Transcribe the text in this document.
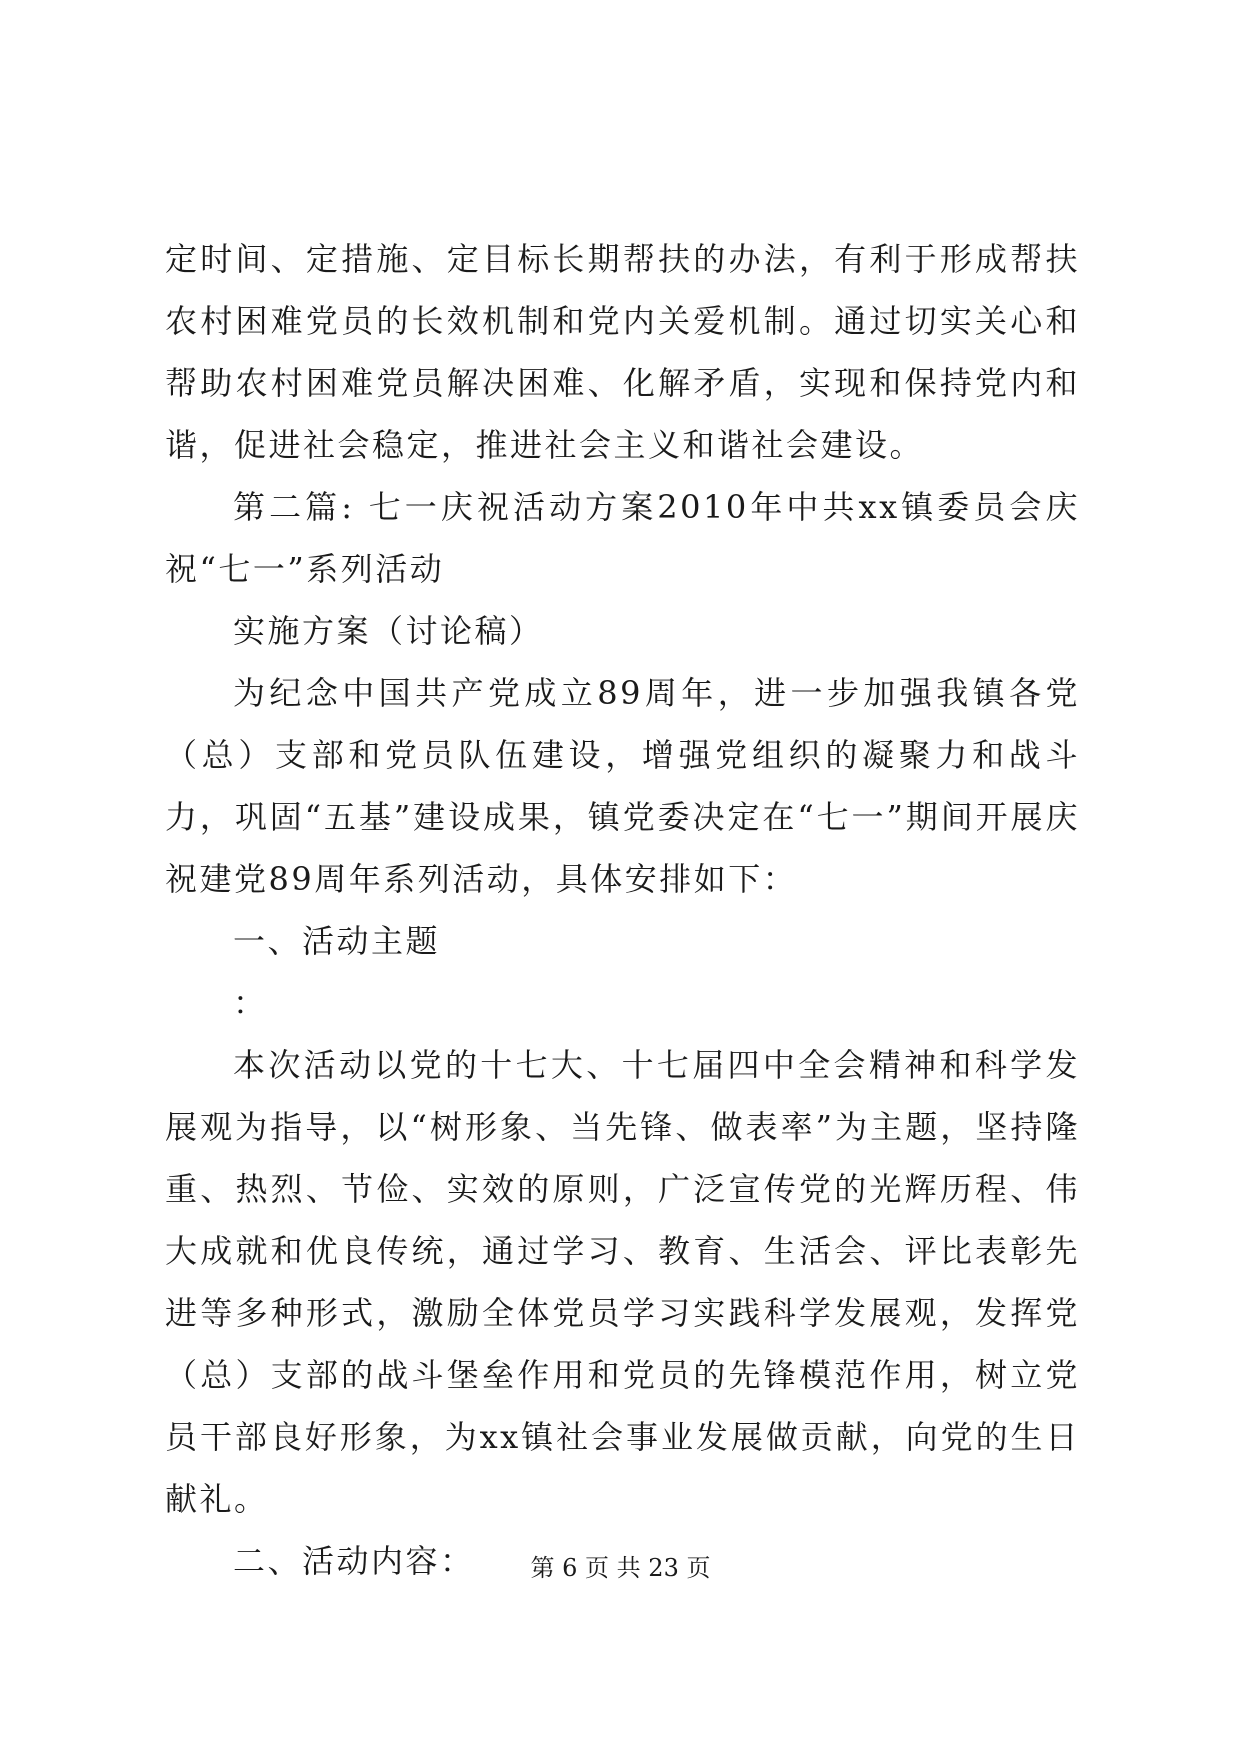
定时间、定措施、定目标长期帮扶的办法，有利于形成帮扶农村困难党员的长效机制和党内关爱机制。通过切实关心和帮助农村困难党员解决困难、化解矛盾，实现和保持党内和谐，促进社会稳定，推进社会主义和谐社会建设。

第二篇: 七一庆祝活动方案2010年中共xx镇委员会庆祝“七一”系列活动

实施方案（讨论稿）

为纪念中国共产党成立89周年，进一步加强我镇各党（总）支部和党员队伍建设，增强党组织的凝聚力和战斗力，巩固“五基”建设成果，镇党委决定在“七一”期间开展庆祝建党89周年系列活动，具体安排如下：

一、活动主题

：

本次活动以党的十七大、十七届四中全会精神和科学发展观为指导，以“树形象、当先锋、做表率”为主题，坚持隆重、热烈、节俭、实效的原则，广泛宣传党的光辉历程、伟大成就和优良传统，通过学习、教育、生活会、评比表彰先进等多种形式，激励全体党员学习实践科学发展观，发挥党（总）支部的战斗堡垒作用和党员的先锋模范作用，树立党员干部良好形象，为xx镇社会事业发展做贡献，向党的生日献礼。

二、活动内容：	第 6 页 共 23 页
